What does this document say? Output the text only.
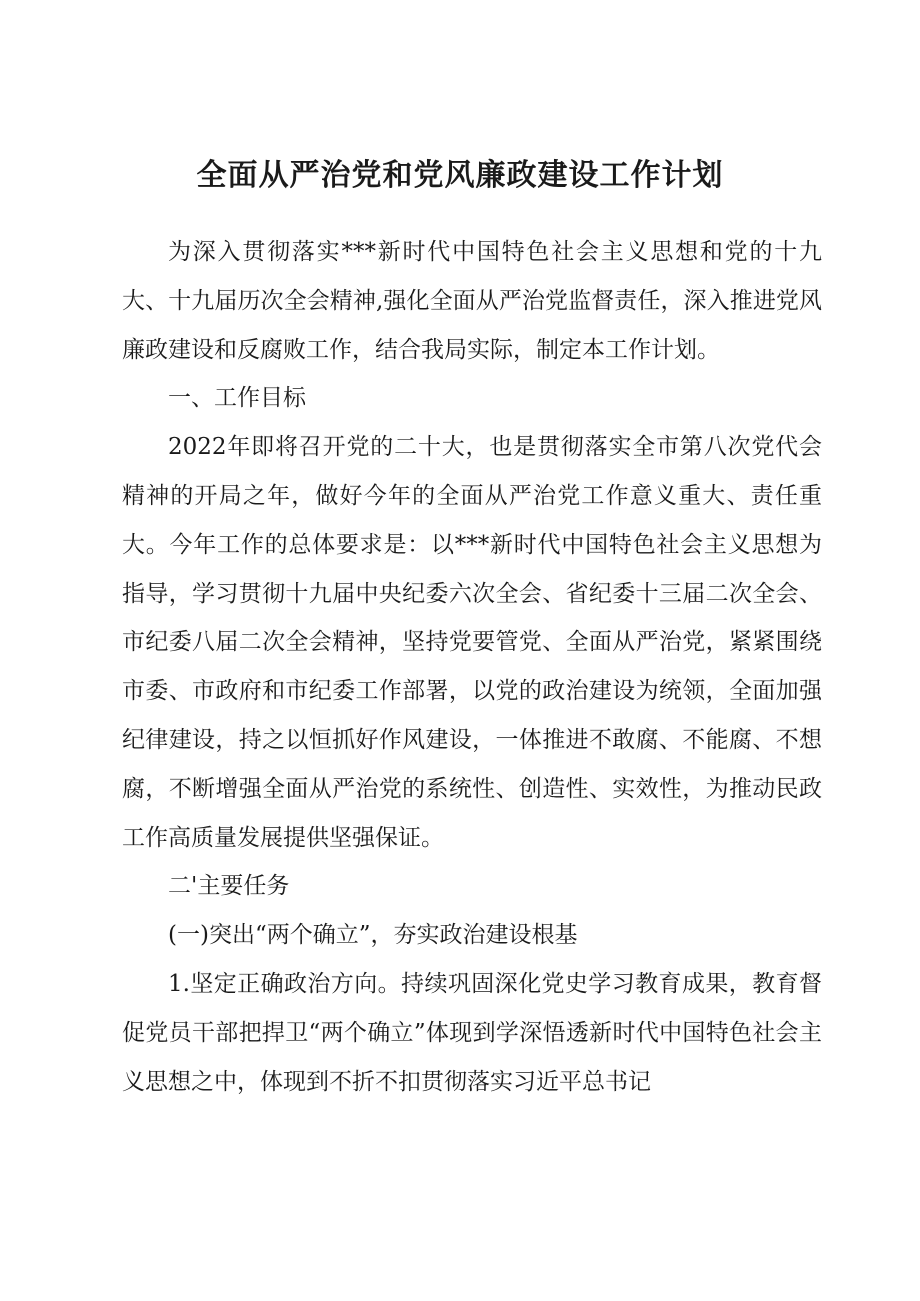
全面从严治党和党风廉政建设工作计划

为深入贯彻落实***新时代中国特色社会主义思想和党的十九大、十九届历次全会精神,强化全面从严治党监督责任，深入推进党风廉政建设和反腐败工作，结合我局实际，制定本工作计划。

一、工作目标

2022年即将召开党的二十大，也是贯彻落实全市第八次党代会精神的开局之年，做好今年的全面从严治党工作意义重大、责任重大。今年工作的总体要求是：以***新时代中国特色社会主义思想为指导，学习贯彻十九届中央纪委六次全会、省纪委十三届二次全会、市纪委八届二次全会精神，坚持党要管党、全面从严治党，紧紧围绕市委、市政府和市纪委工作部署，以党的政治建设为统领，全面加强纪律建设，持之以恒抓好作风建设，一体推进不敢腐、不能腐、不想腐，不断增强全面从严治党的系统性、创造性、实效性，为推动民政工作高质量发展提供坚强保证。

二'主要任务

(一)突出“两个确立”，夯实政治建设根基

1.坚定正确政治方向。持续巩固深化党史学习教育成果，教育督促党员干部把捍卫“两个确立”体现到学深悟透新时代中国特色社会主义思想之中，体现到不折不扣贯彻落实习近平总书记
